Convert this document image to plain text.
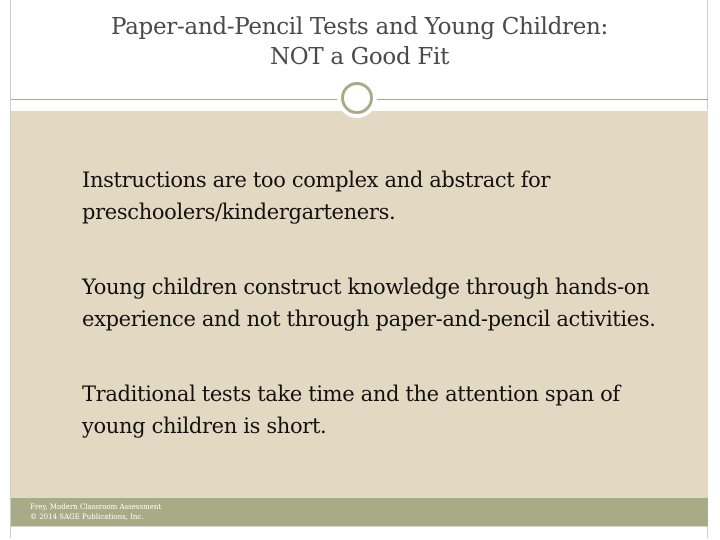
Paper-and-Pencil Tests and Young Children:
NOT a Good Fit
Instructions are too complex and abstract for preschoolers/kindergarteners.
Young children construct knowledge through hands-on experience and not through paper-and-pencil activities.
Traditional tests take time and the attention span of young children is short.
Frey, Modern Classroom Assessment
© 2014 SAGE Publications, Inc.
